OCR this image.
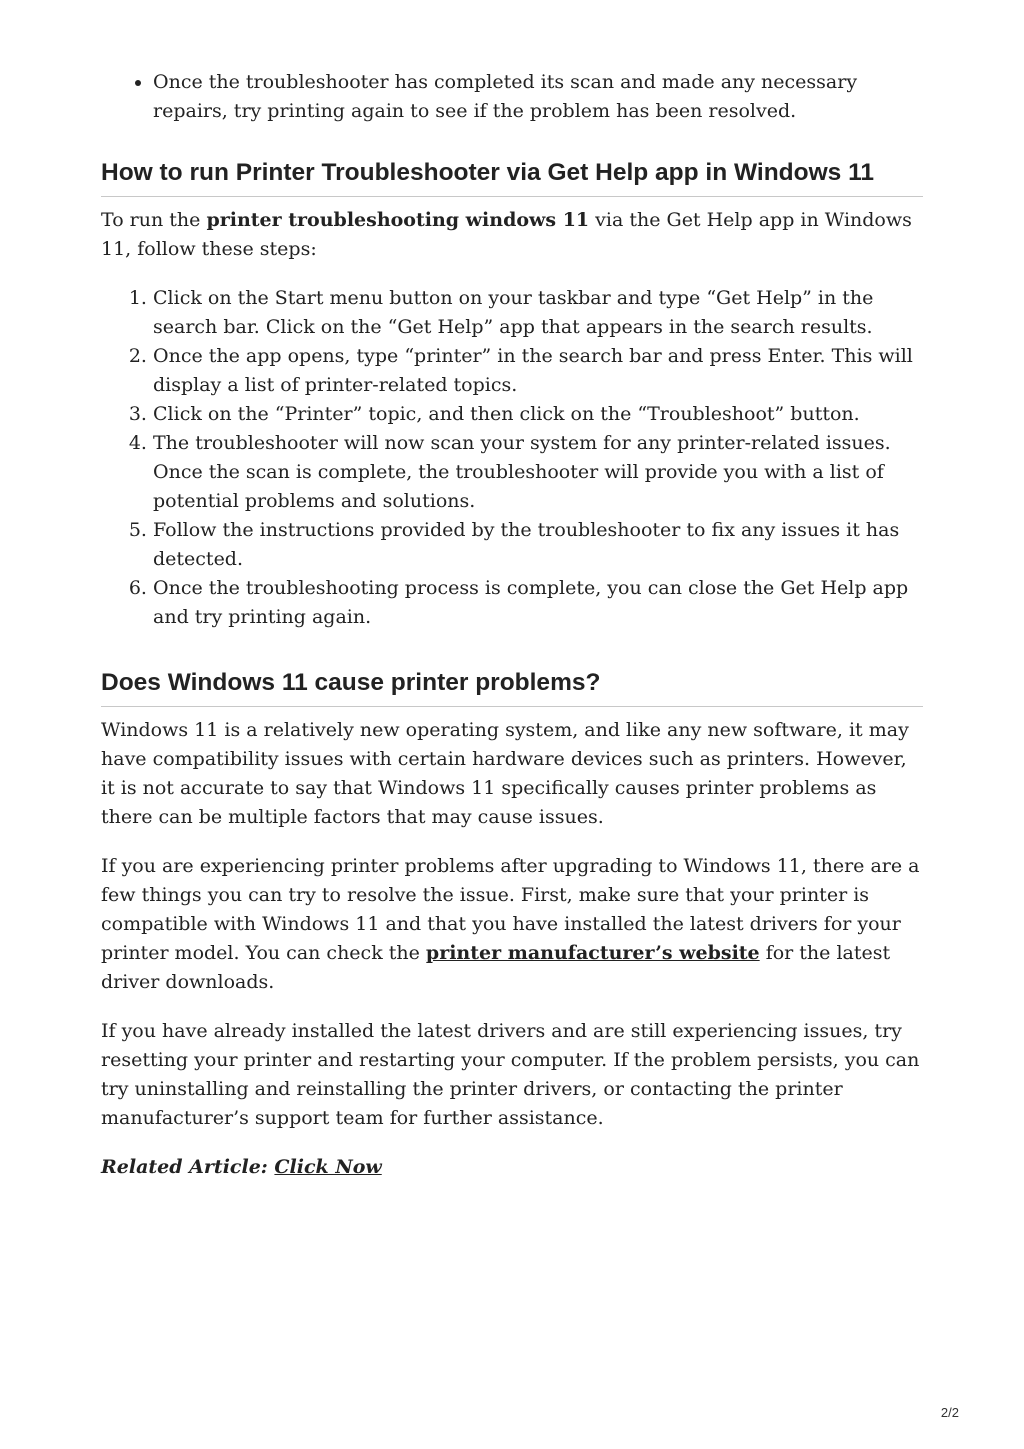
• Once the troubleshooter has completed its scan and made any necessary repairs, try printing again to see if the problem has been resolved.
How to run Printer Troubleshooter via Get Help app in Windows 11

To run the printer troubleshooting windows 11 via the Get Help app in Windows 11, follow these steps:

1. Click on the Start menu button on your taskbar and type “Get Help” in the search bar. Click on the “Get Help” app that appears in the search results.
2. Once the app opens, type “printer” in the search bar and press Enter. This will display a list of printer-related topics.
3. Click on the “Printer” topic, and then click on the “Troubleshoot” button.
4. The troubleshooter will now scan your system for any printer-related issues. Once the scan is complete, the troubleshooter will provide you with a list of potential problems and solutions.
5. Follow the instructions provided by the troubleshooter to fix any issues it has detected.
6. Once the troubleshooting process is complete, you can close the Get Help app and try printing again.
Does Windows 11 cause printer problems?

Windows 11 is a relatively new operating system, and like any new software, it may have compatibility issues with certain hardware devices such as printers. However, it is not accurate to say that Windows 11 specifically causes printer problems as there can be multiple factors that may cause issues.

If you are experiencing printer problems after upgrading to Windows 11, there are a few things you can try to resolve the issue. First, make sure that your printer is compatible with Windows 11 and that you have installed the latest drivers for your printer model. You can check the printer manufacturer’s website for the latest driver downloads.

If you have already installed the latest drivers and are still experiencing issues, try resetting your printer and restarting your computer. If the problem persists, you can try uninstalling and reinstalling the printer drivers, or contacting the printer manufacturer’s support team for further assistance.

Related Article: Click Now

2/2
